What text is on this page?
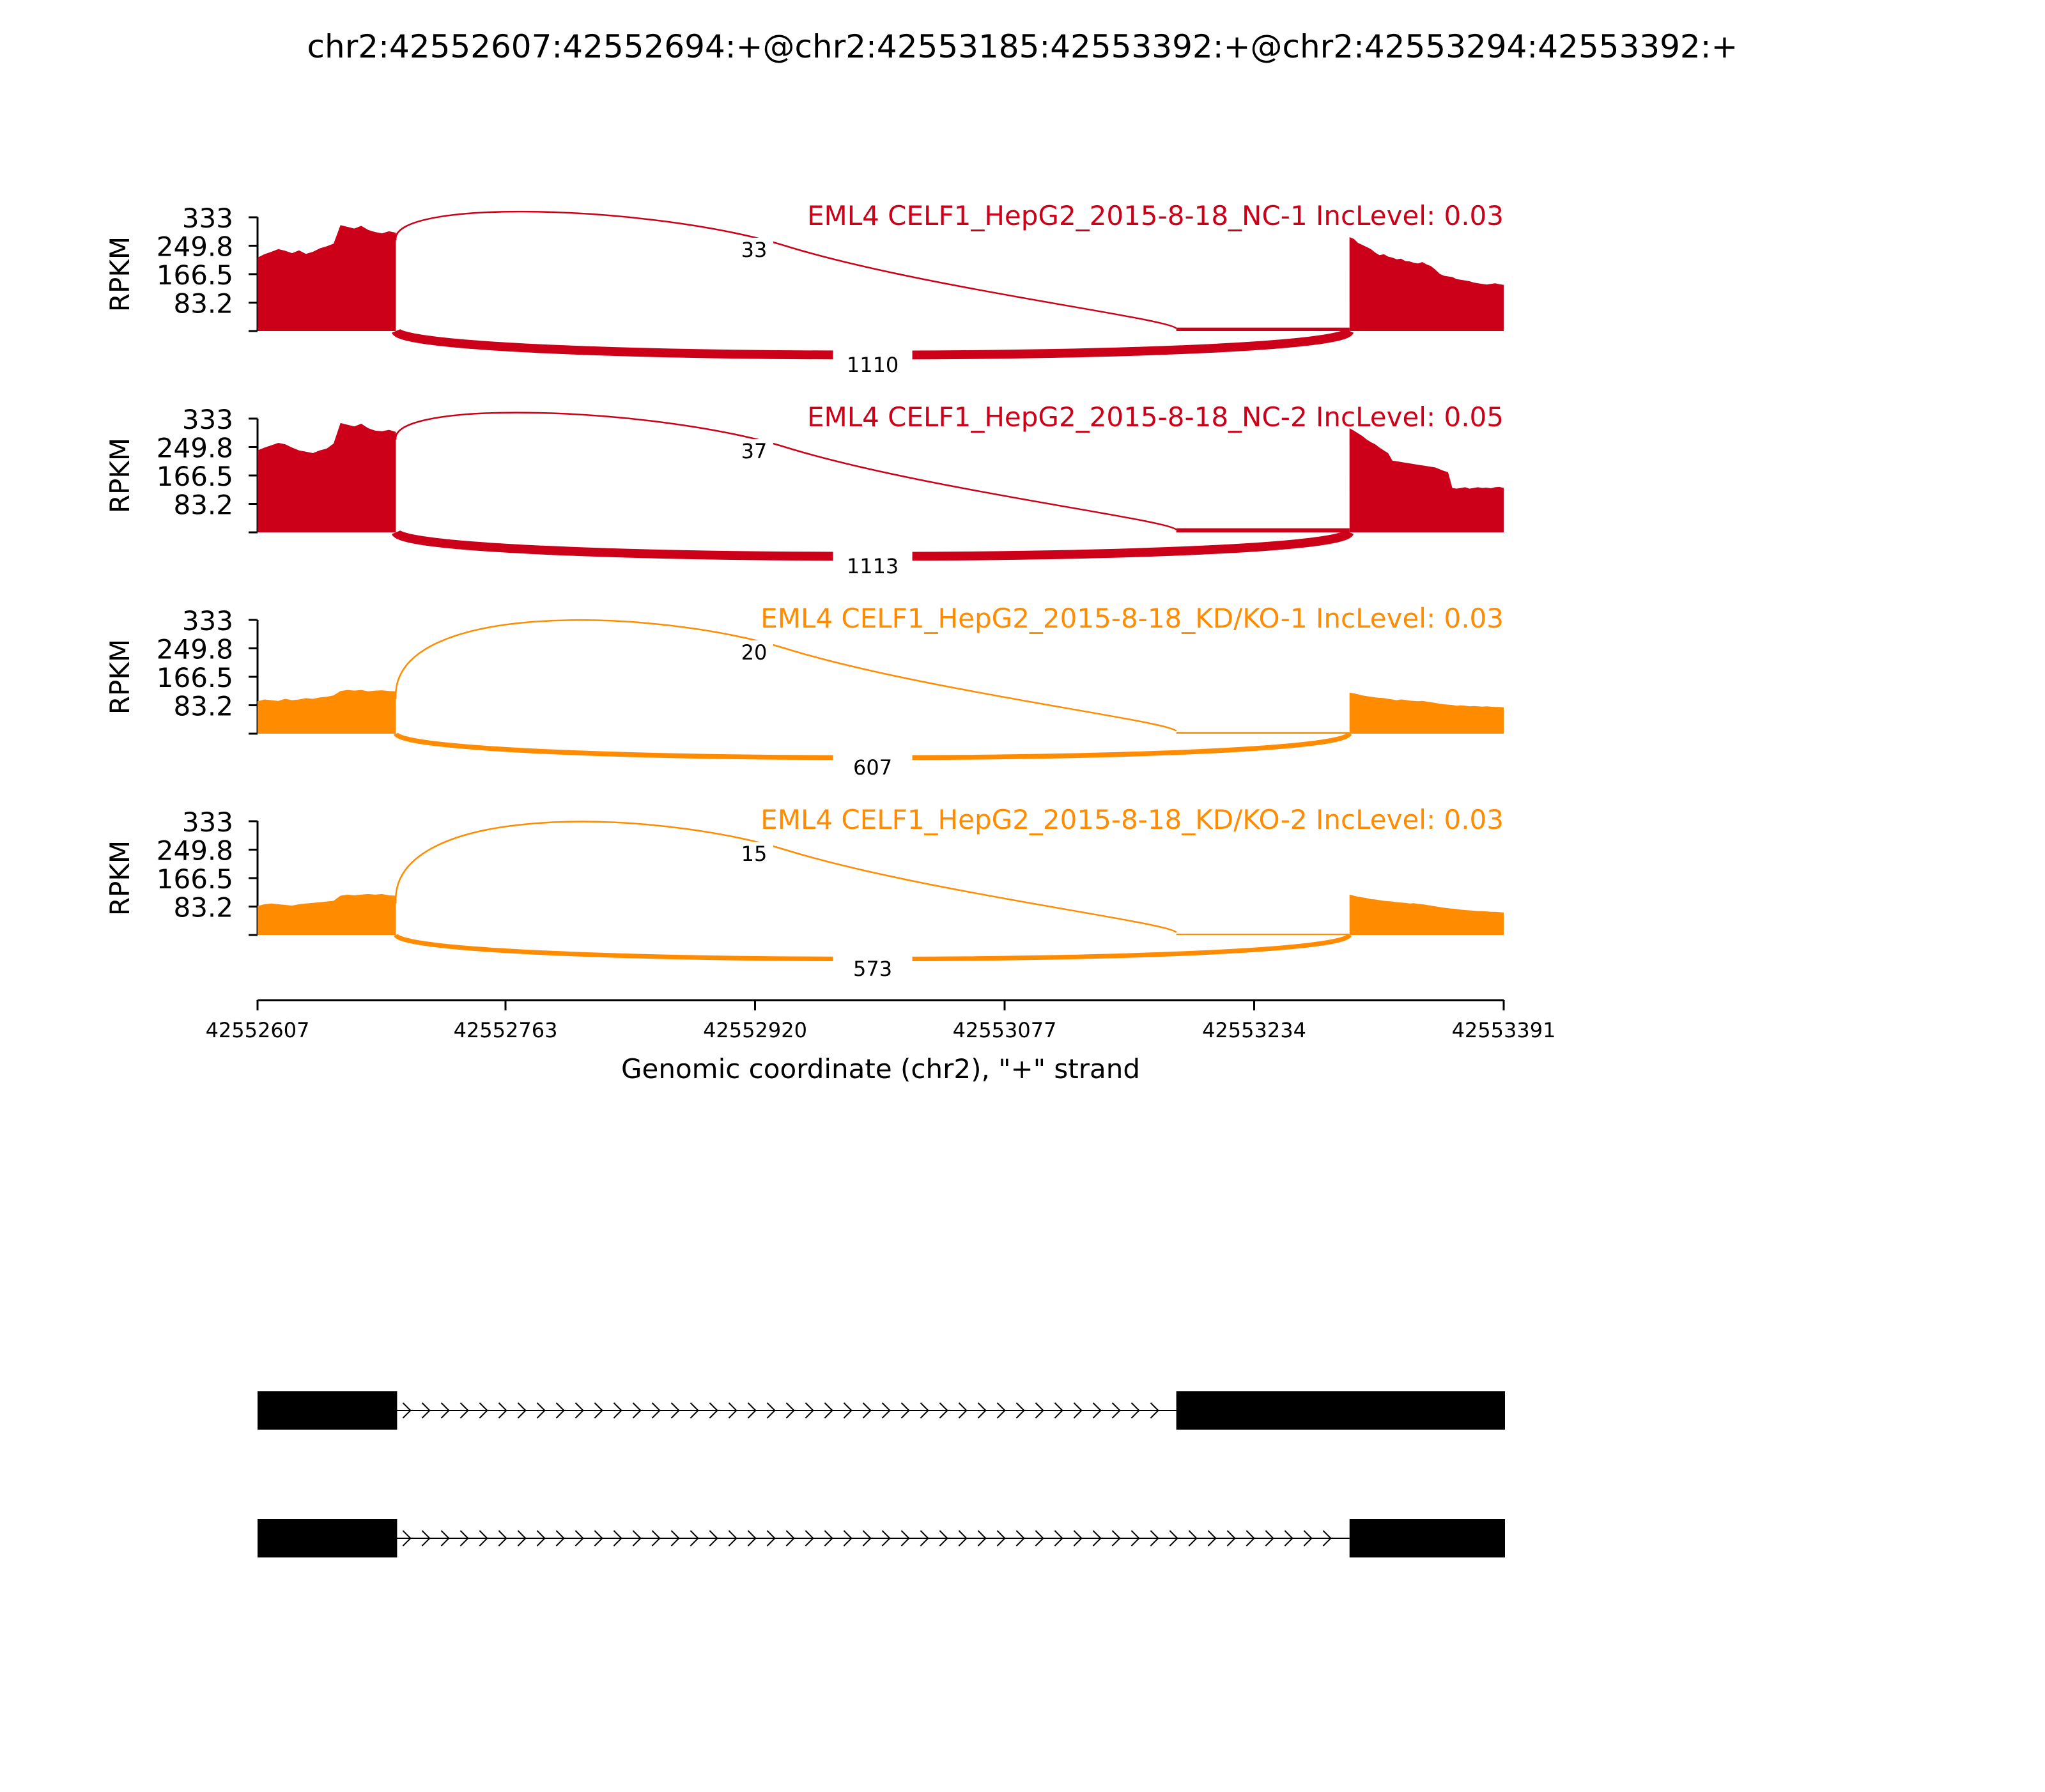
chr2:42552607:42552694:+@chr2:42553185:42553392:+@chr2:42553294:42553392:+
333
249.8
166.5
83.2
RPKM	33
1110
EML4 CELF1_HepG2_2015-8-18_NC-1 IncLevel: 0.03
333
249.8
166.5
83.2
RPKM	37
1113
EML4 CELF1_HepG2_2015-8-18_NC-2 IncLevel: 0.05
333
249.8
166.5
83.2
RPKM	20
607
EML4 CELF1_HepG2_2015-8-18_KD/KO-1 IncLevel: 0.03
333
249.8
166.5
83.2
RPKM	15
573
EML4 CELF1_HepG2_2015-8-18_KD/KO-2 IncLevel: 0.03
42552607	42552763	42552920	42553077	42553234	42553391
Genomic coordinate (chr2), "+" strand
